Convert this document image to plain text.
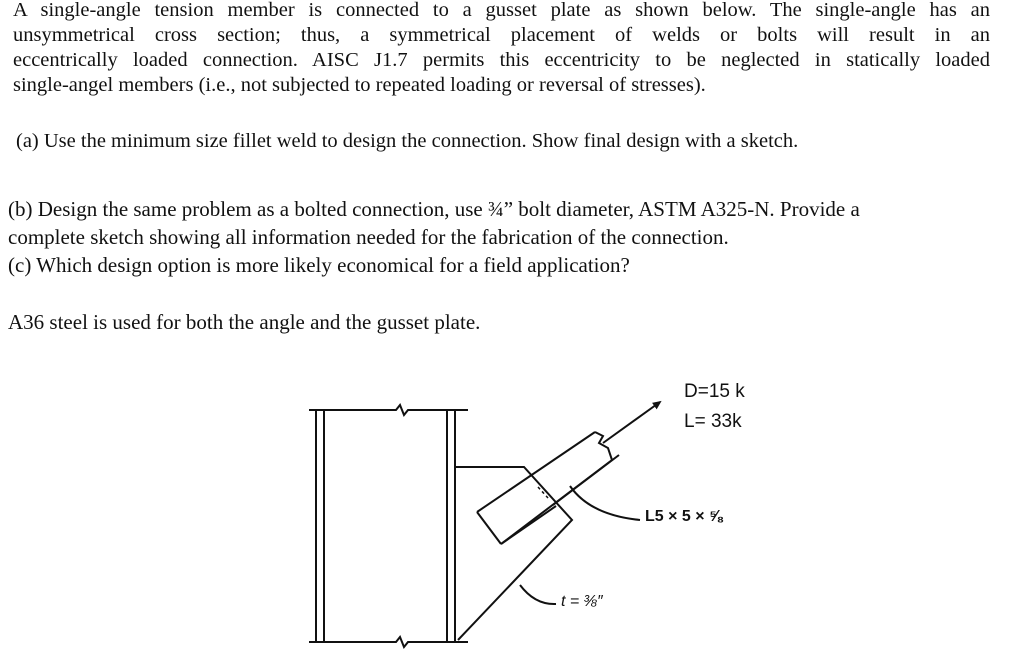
A single-angle tension member is connected to a gusset plate as shown below. The single-angle has an
unsymmetrical cross section; thus, a symmetrical placement of welds or bolts will result in an
eccentrically loaded connection. AISC J1.7 permits this eccentricity to be neglected in statically loaded
single-angel members (i.e., not subjected to repeated loading or reversal of stresses).

(a) Use the minimum size fillet weld to design the connection. Show final design with a sketch.

(b) Design the same problem as a bolted connection, use ¾” bolt diameter, ASTM A325-N. Provide a
complete sketch showing all information needed for the fabrication of the connection.

(c) Which design option is more likely economical for a field application?

A36 steel is used for both the angle and the gusset plate.

D=15 k
L= 33k
L5 × 5 × ⅝
t = ⅜″
